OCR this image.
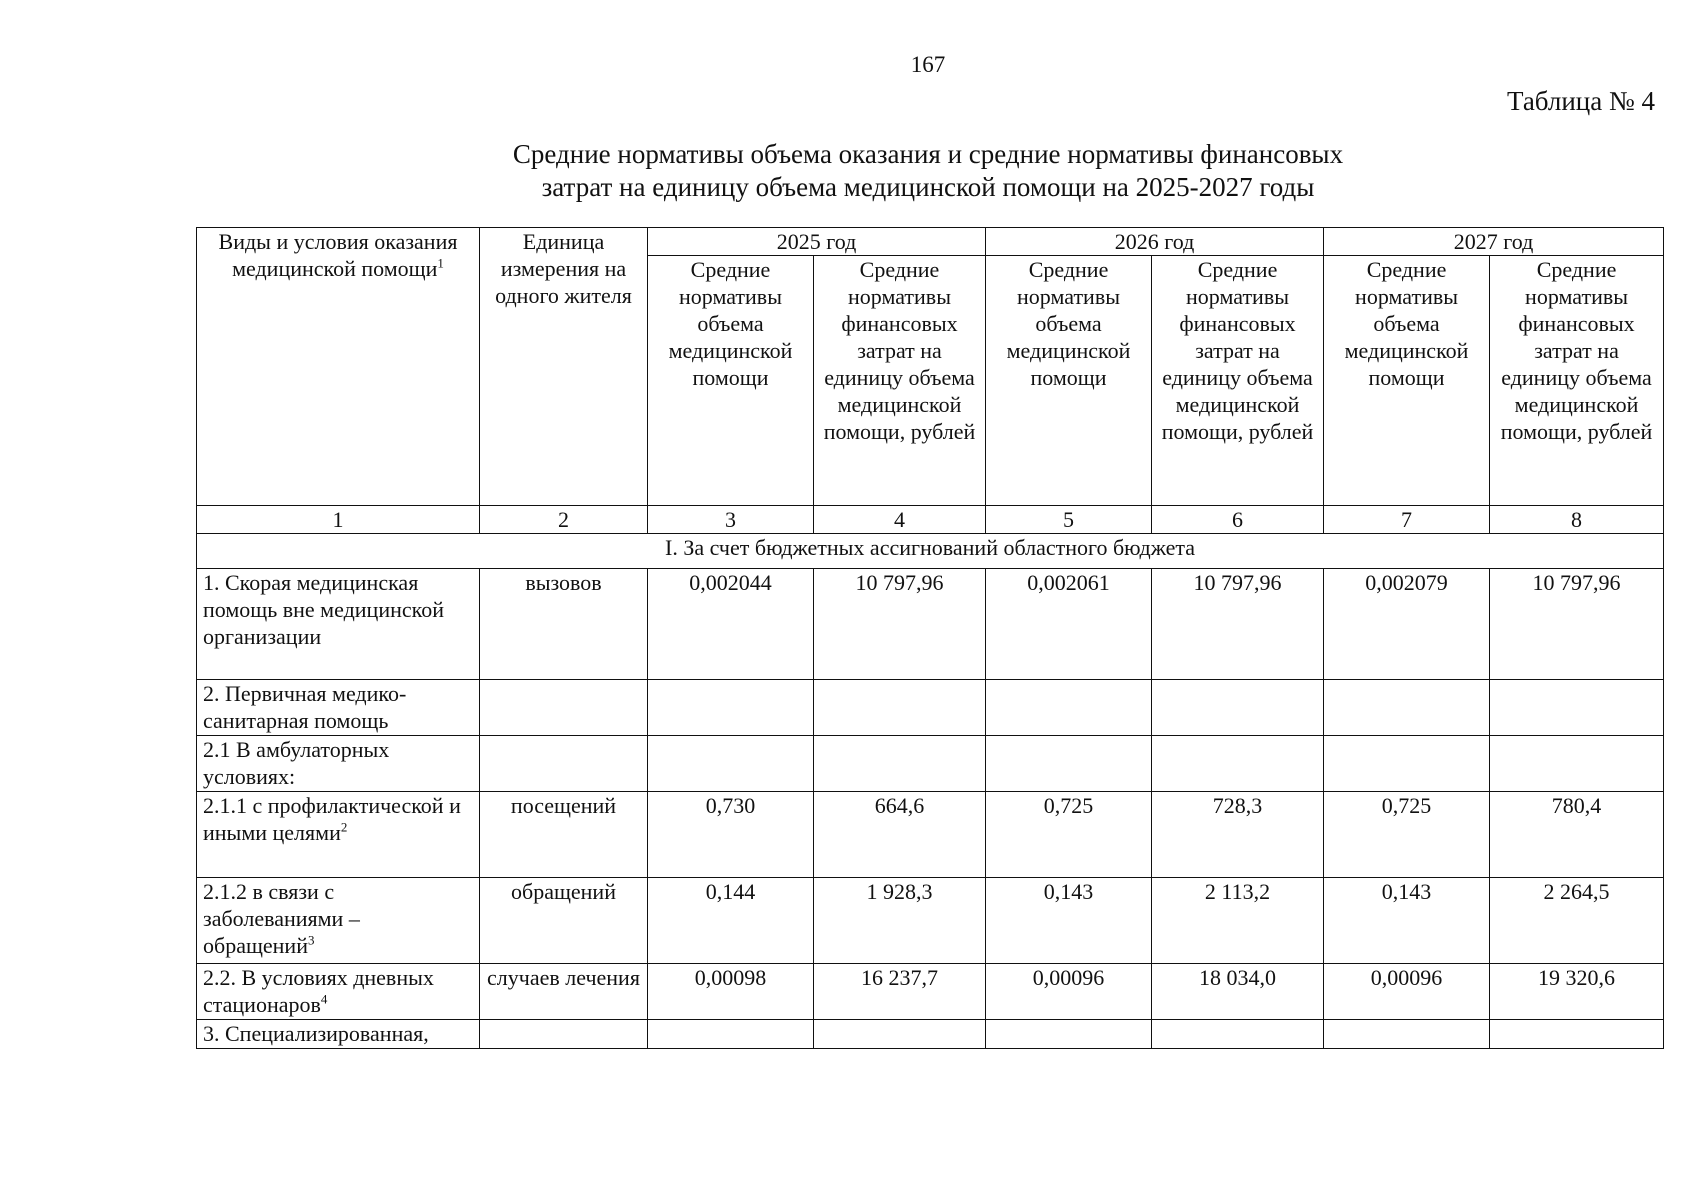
167
Таблица № 4
Средние нормативы объема оказания и средние нормативы финансовых
затрат на единицу объема медицинской помощи на 2025-2027 годы
Виды и условия оказания медицинской помощи$^1$	Единица измерения на одного жителя	2025 год		2026 год		2027 год	
		Средние нормативы объема медицинской помощи	Средние нормативы финансовых затрат на единицу объема медицинской помощи, рублей	Средние нормативы объема медицинской помощи	Средние нормативы финансовых затрат на единицу объема медицинской помощи, рублей	Средние нормативы объема медицинской помощи	Средние нормативы финансовых затрат на единицу объема медицинской помощи, рублей
1	2	3	4	5	6	7	8
I. За счет бюджетных ассигнований областного бюджета							
1. Скорая медицинская помощь вне медицинской организации	вызовов	0,002044	10 797,96	0,002061	10 797,96	0,002079	10 797,96
2. Первичная медико-санитарная помощь							
2.1 В амбулаторных условиях:							
2.1.1 с профилактической и иными целями$^2$	посещений	0,730	664,6	0,725	728,3	0,725	780,4
2.1.2 в связи с заболеваниями – обращений$^3$	обращений	0,144	1 928,3	0,143	2 113,2	0,143	2 264,5
2.2. В условиях дневных стационаров$^4$	случаев лечения	0,00098	16 237,7	0,00096	18 034,0	0,00096	19 320,6
3. Специализированная,							
